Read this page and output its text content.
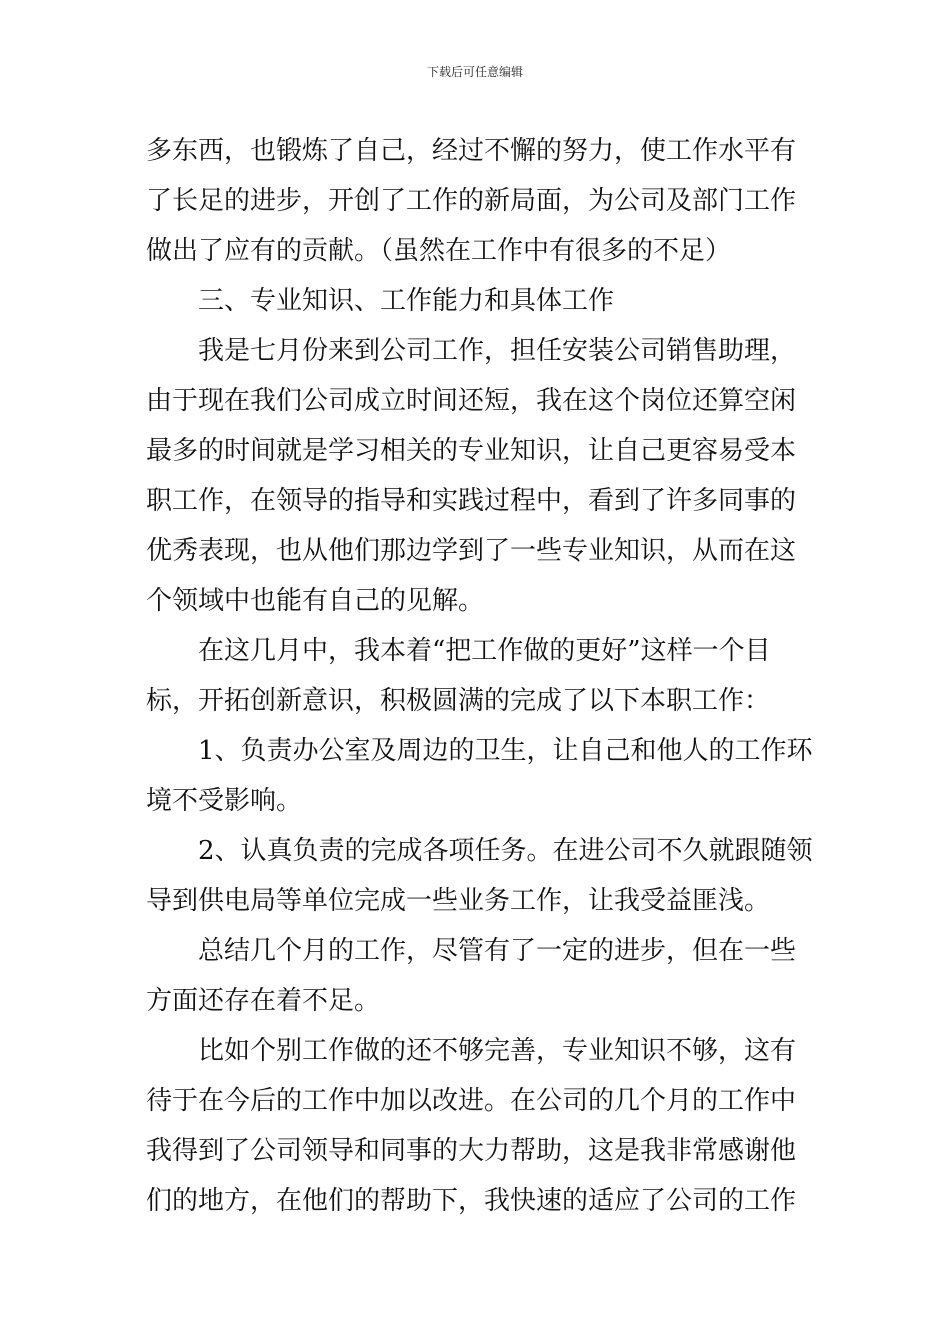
下载后可任意编辑
多东西，也锻炼了自己，经过不懈的努力，使工作水平有
了长足的进步，开创了工作的新局面，为公司及部门工作
做出了应有的贡献。（虽然在工作中有很多的不足）
三、专业知识、工作能力和具体工作
我是七月份来到公司工作，担任安装公司销售助理，
由于现在我们公司成立时间还短，我在这个岗位还算空闲
最多的时间就是学习相关的专业知识，让自己更容易受本
职工作，在领导的指导和实践过程中，看到了许多同事的
优秀表现，也从他们那边学到了一些专业知识，从而在这
个领域中也能有自己的见解。
在这几月中，我本着“把工作做的更好”这样一个目
标，开拓创新意识，积极圆满的完成了以下本职工作：
1、负责办公室及周边的卫生，让自己和他人的工作环
境不受影响。
2、认真负责的完成各项任务。在进公司不久就跟随领
导到供电局等单位完成一些业务工作，让我受益匪浅。
总结几个月的工作，尽管有了一定的进步，但在一些
方面还存在着不足。
比如个别工作做的还不够完善，专业知识不够，这有
待于在今后的工作中加以改进。在公司的几个月的工作中
我得到了公司领导和同事的大力帮助，这是我非常感谢他
们的地方，在他们的帮助下，我快速的适应了公司的工作
